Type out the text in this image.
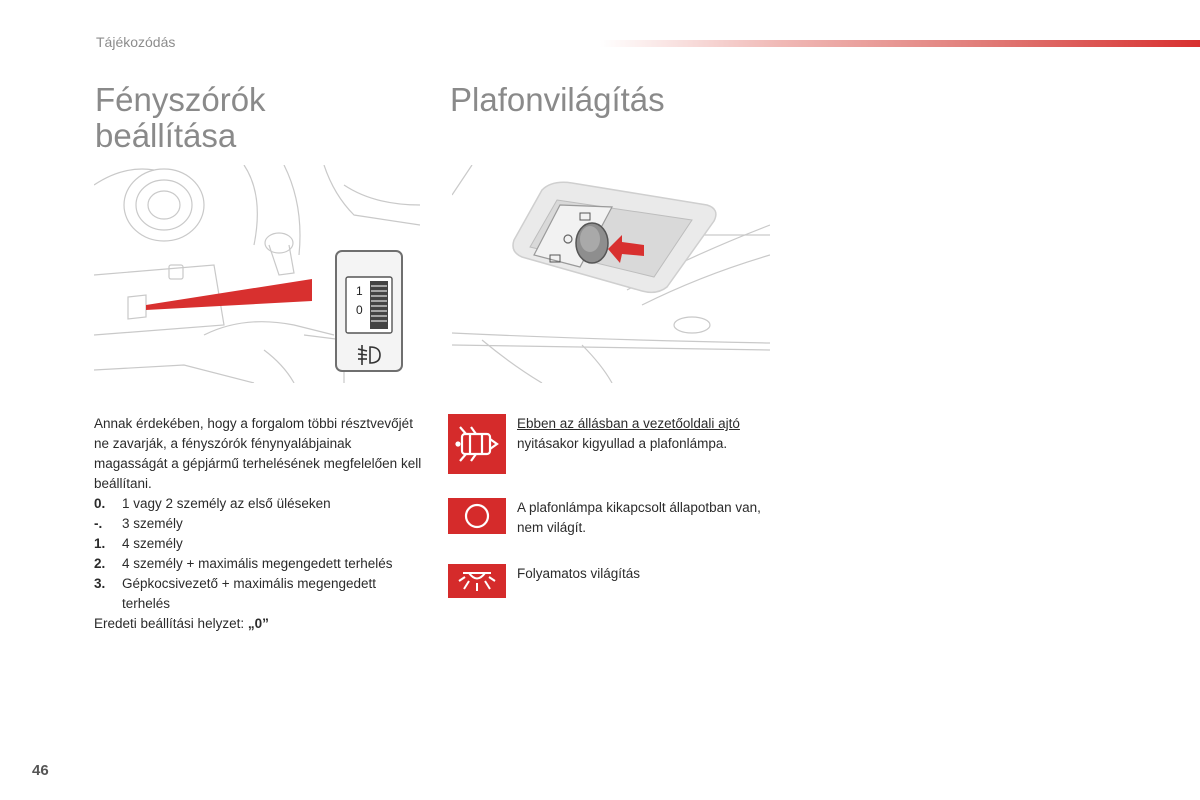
Tájékozódás
Fényszórók
beállítása
Plafonvilágítás
1
0

Annak érdekében, hogy a forgalom többi résztvevőjét ne zavarják, a fényszórók fénynyalábjainak magasságát a gépjármű terhelésének megfelelően kell beállítani.

0.	1 vagy 2 személy az első üléseken
-.	3 személy
1.	4 személy
2.	4 személy + maximális megengedett terhelés
3.	Gépkocsivezető + maximális megengedett terhelés

Eredeti beállítási helyzet: „0”

Ebben az állásban a vezetőoldali ajtó
nyitásakor kigyullad a plafonlámpa.
A plafonlámpa kikapcsolt állapotban van, nem világít.
Folyamatos világítás
46
